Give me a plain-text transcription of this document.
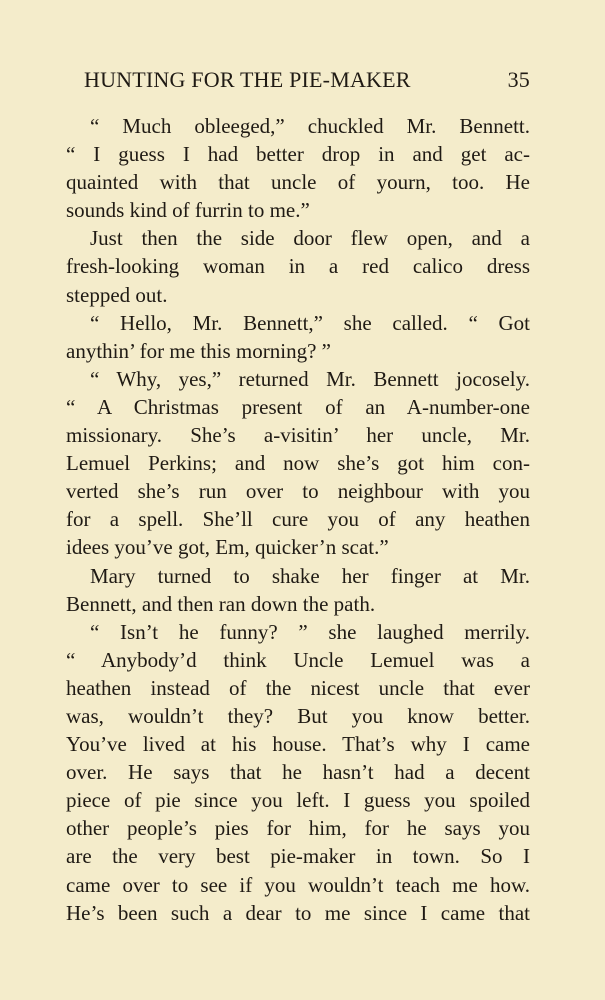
HUNTING FOR THE PIE-MAKER	35
“ Much obleeged,” chuckled Mr. Bennett.
“ I guess I had better drop in and get ac-
quainted with that uncle of yourn, too. He
sounds kind of furrin to me.”
Just then the side door flew open, and a
fresh-looking woman in a red calico dress
stepped out.
“ Hello, Mr. Bennett,” she called. “ Got
anythin’ for me this morning? ”
“ Why, yes,” returned Mr. Bennett jocosely.
“ A Christmas present of an A-number-one
missionary. She’s a-visitin’ her uncle, Mr.
Lemuel Perkins; and now she’s got him con-
verted she’s run over to neighbour with you
for a spell. She’ll cure you of any heathen
idees you’ve got, Em, quicker’n scat.”
Mary turned to shake her finger at Mr.
Bennett, and then ran down the path.
“ Isn’t he funny? ” she laughed merrily.
“ Anybody’d think Uncle Lemuel was a
heathen instead of the nicest uncle that ever
was, wouldn’t they? But you know better.
You’ve lived at his house. That’s why I came
over. He says that he hasn’t had a decent
piece of pie since you left. I guess you spoiled
other people’s pies for him, for he says you
are the very best pie-maker in town. So I
came over to see if you wouldn’t teach me how.
He’s been such a dear to me since I came that
